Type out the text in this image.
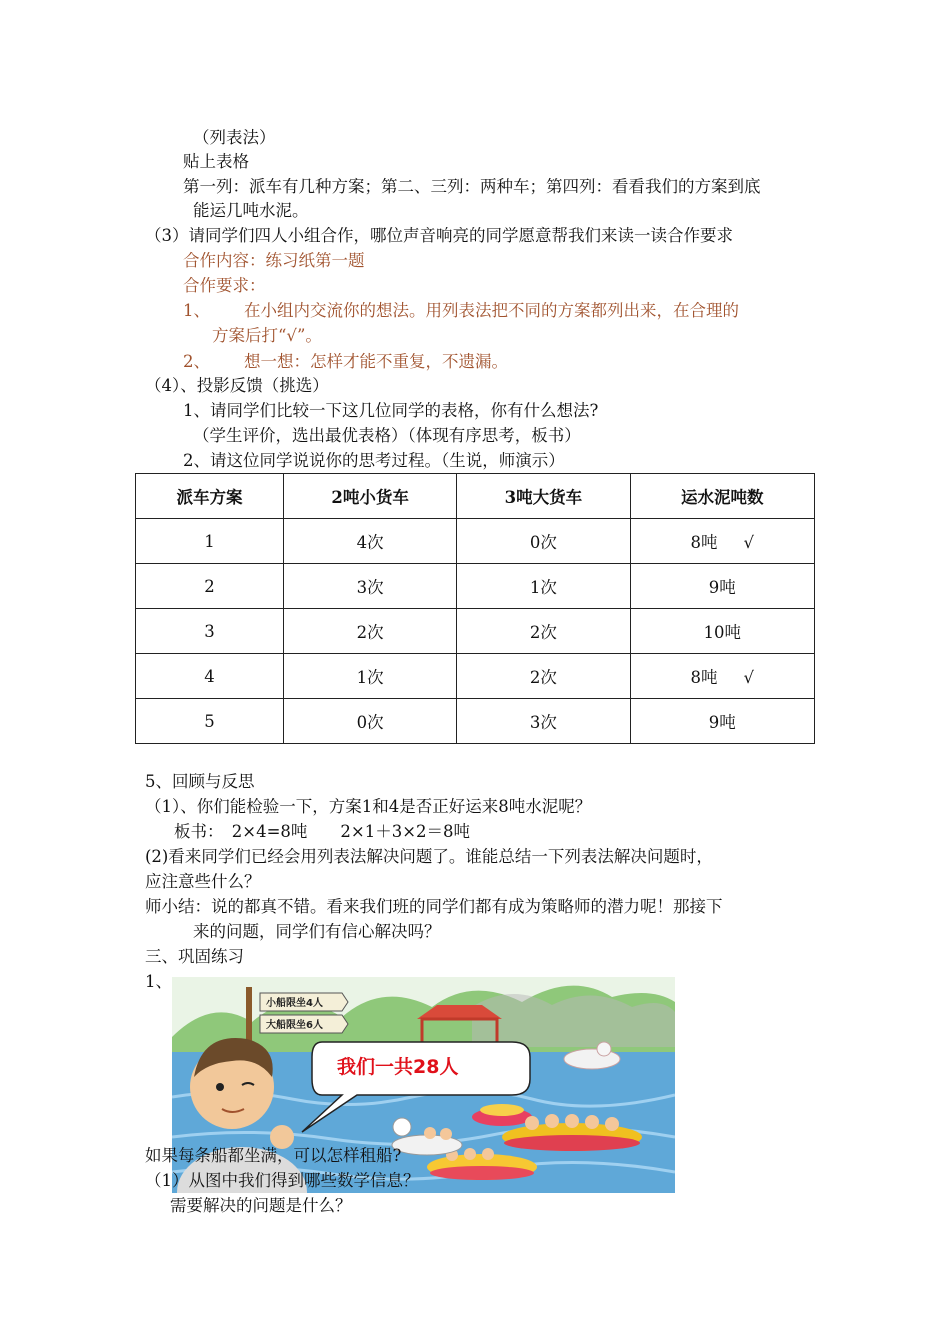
（列表法）
贴上表格
第一列：派车有几种方案；第二、三列：两种车；第四列：看看我们的方案到底
能运几吨水泥。
（3）请同学们四人小组合作，哪位声音响亮的同学愿意帮我们来读一读合作要求
合作内容：练习纸第一题
合作要求：
1、 在小组内交流你的想法。用列表法把不同的方案都列出来，在合理的
方案后打“√”。
2、 想一想：怎样才能不重复，不遗漏。
（4）、投影反馈（挑选）
1、请同学们比较一下这几位同学的表格，你有什么想法?
（学生评价，选出最优表格）（体现有序思考，板书）
2、请这位同学说说你的思考过程。（生说，师演示）
派车方案	2吨小货车	3吨大货车	运水泥吨数
1	4次	0次	8吨 √
2	3次	1次	9吨
3	2次	2次	10吨
4	1次	2次	8吨 √
5	0次	3次	9吨
5、回顾与反思
（1）、你们能检验一下，方案1和4是否正好运来8吨水泥呢？
板书：　2×4=8吨　　2×1＋3×2＝8吨
(2)看来同学们已经会用列表法解决问题了。谁能总结一下列表法解决问题时，
应注意些什么？
师小结：说的都真不错。看来我们班的同学们都有成为策略师的潜力呢！那接下
来的问题，同学们有信心解决吗？
三、巩固练习
1、
小船限坐4人
大船限坐6人
我们一共28人
如果每条船都坐满，可以怎样租船?
（1）从图中我们得到哪些数学信息？
需要解决的问题是什么？
